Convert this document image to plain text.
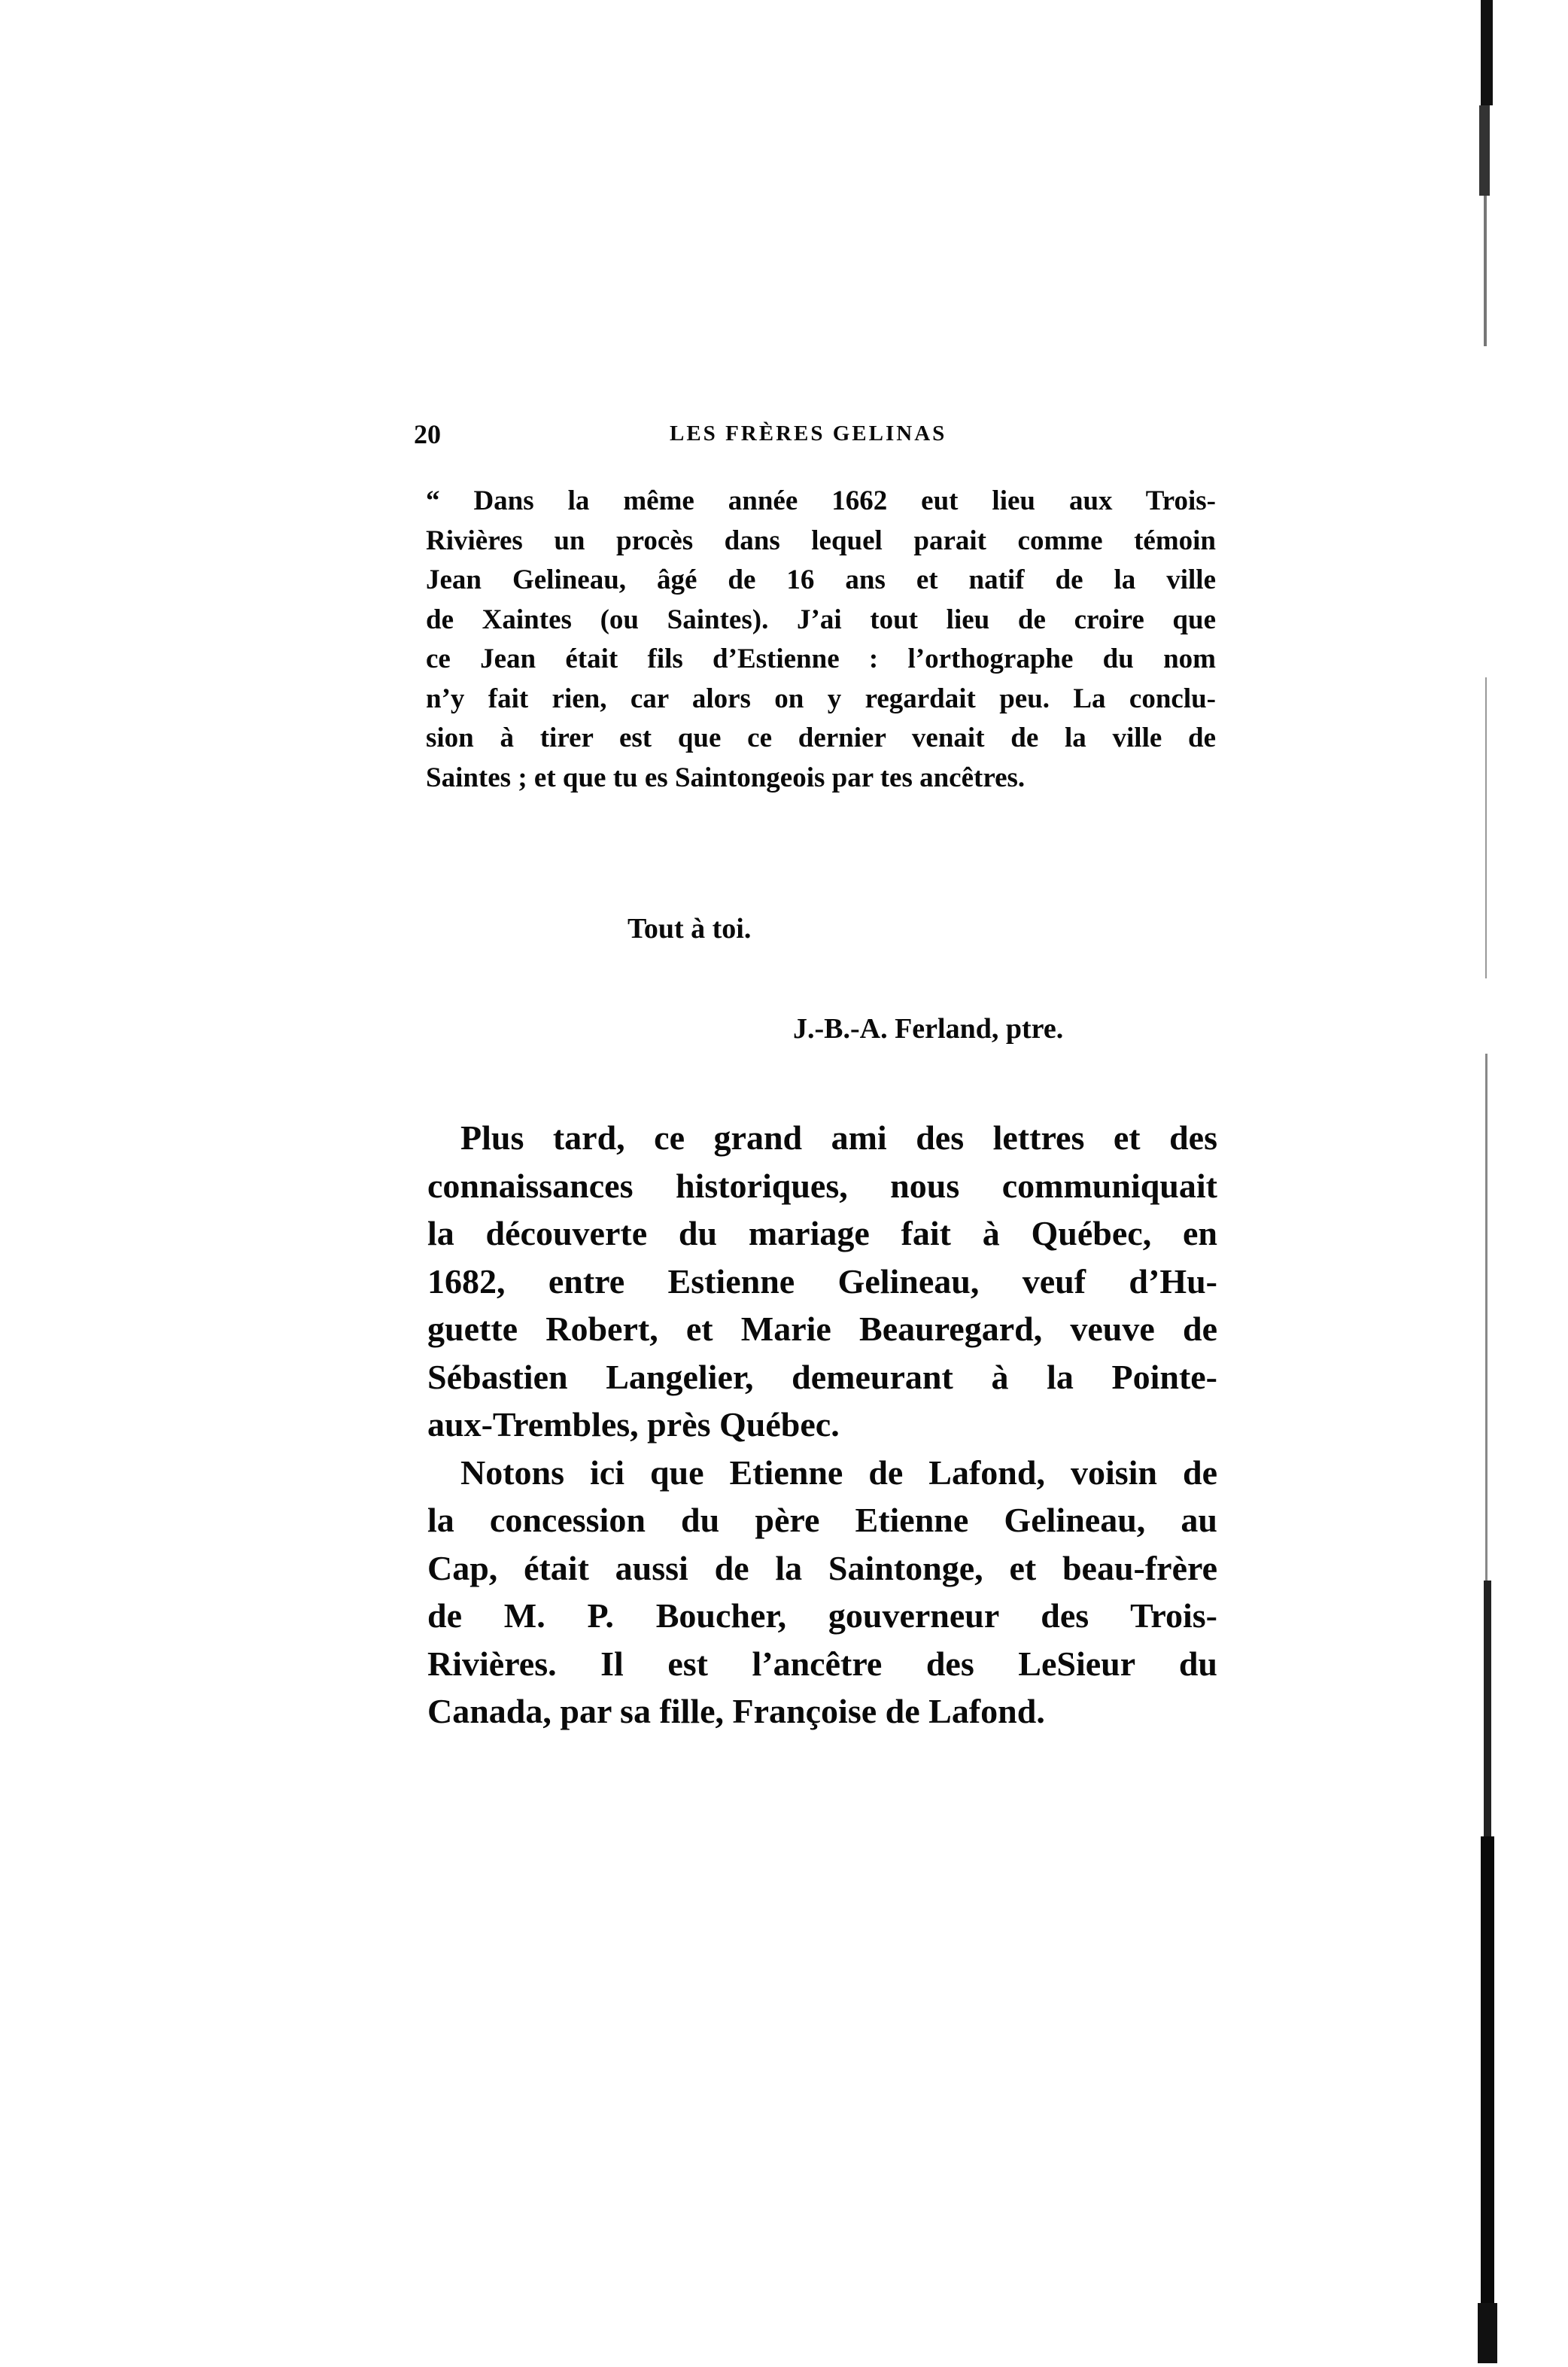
20	LES FRÈRES GELINAS
“ Dans la même année 1662 eut lieu aux Trois-
Rivières un procès dans lequel parait comme témoin
Jean Gelineau, âgé de 16 ans et natif de la ville
de Xaintes (ou Saintes). J’ai tout lieu de croire que
ce Jean était fils d’Estienne : l’orthographe du nom
n’y fait rien, car alors on y regardait peu. La conclu-
sion à tirer est que ce dernier venait de la ville de
Saintes ; et que tu es Saintongeois par tes ancêtres.
Tout à toi.
J.-B.-A. Ferland, ptre.
Plus tard, ce grand ami des lettres et des
connaissances historiques, nous communiquait
la découverte du mariage fait à Québec, en
1682, entre Estienne Gelineau, veuf d’Hu-
guette Robert, et Marie Beauregard, veuve de
Sébastien Langelier, demeurant à la Pointe-
aux-Trembles, près Québec.
Notons ici que Etienne de Lafond, voisin de
la concession du père Etienne Gelineau, au
Cap, était aussi de la Saintonge, et beau-frère
de M. P. Boucher, gouverneur des Trois-
Rivières. Il est l’ancêtre des LeSieur du
Canada, par sa fille, Françoise de Lafond.
